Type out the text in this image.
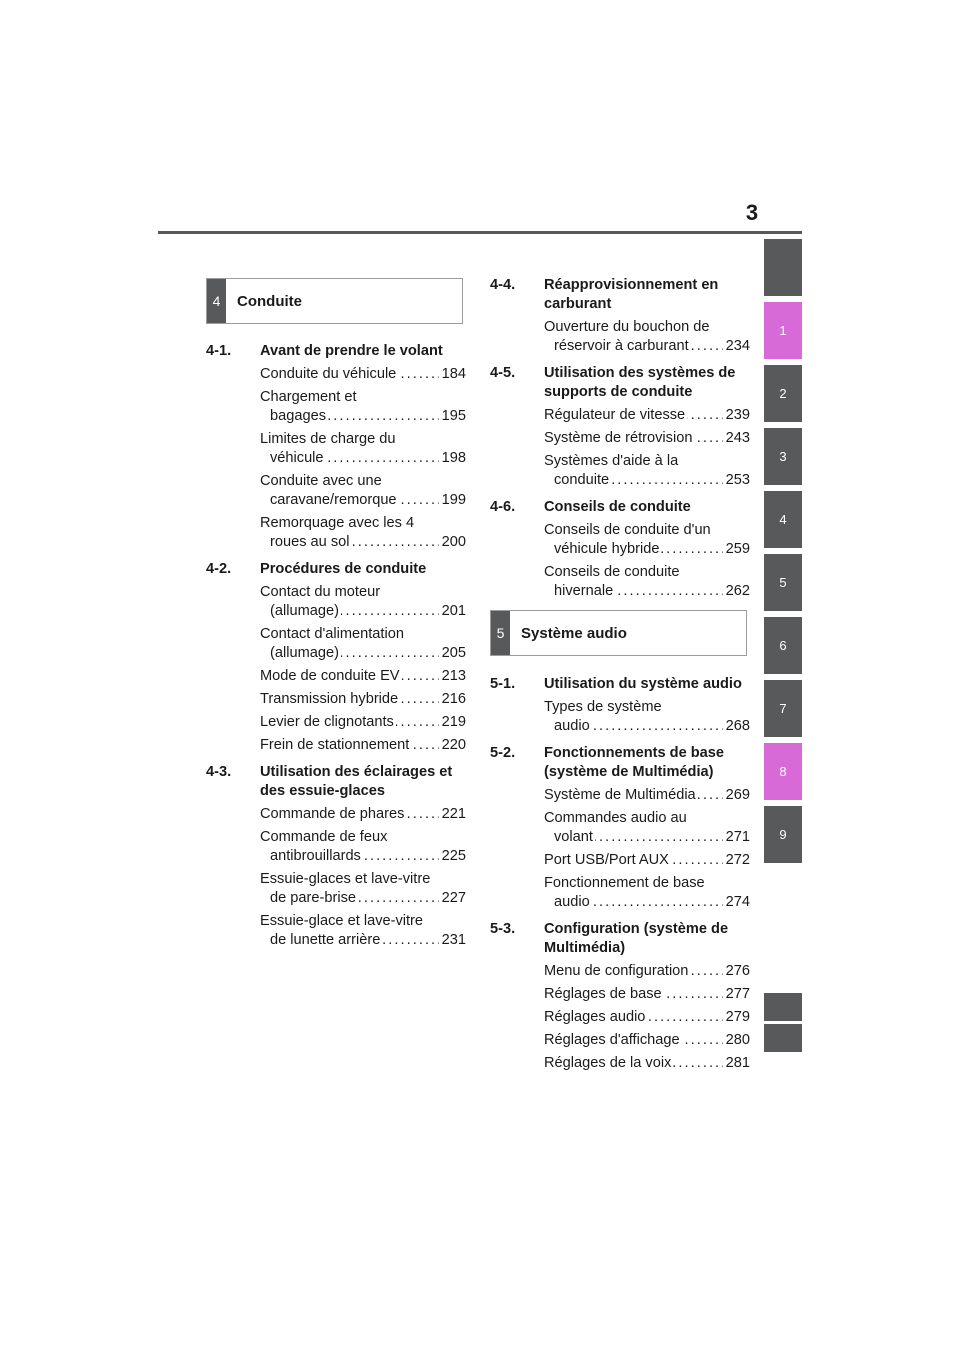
3
1
2
3
4
5
6
7
8
9
4	Conduite
5	Système audio
4-1. Avant de prendre le volant
. . . 184
Conduite du véhicule
Chargement et
. . . 195
bagages
Limites de charge du
. . . 198
véhicule
Conduite avec une
. . . 199
caravane/remorque
Remorquage avec les 4
. . . 200
roues au sol
4-2. Procédures de conduite
Contact du moteur
. . . 201
(allumage)
Contact d'alimentation
. . . 205
(allumage)
. . . 213
Mode de conduite EV
. . . 216
Transmission hybride
. . . 219
Levier de clignotants
. . . 220
Frein de stationnement
4-3. Utilisation des éclairages et des essuie-glaces
. . . 221
Commande de phares
Commande de feux
. . . 225
antibrouillards
Essuie-glaces et lave-vitre
. . . 227
de pare-brise
Essuie-glace et lave-vitre
. . . 231
de lunette arrière
4-4. Réapprovisionnement en carburant
Ouverture du bouchon de
. . . 234
réservoir à carburant
4-5. Utilisation des systèmes de supports de conduite
. . . 239
Régulateur de vitesse
. . . 243
Système de rétrovision
Systèmes d'aide à la
. . . 253
conduite
4-6. Conseils de conduite
Conseils de conduite d'un
. . . 259
véhicule hybride
Conseils de conduite
. . . 262
hivernale
5-1. Utilisation du système audio
Types de système
. . . 268
audio
5-2. Fonctionnements de base (système de Multimédia)
. . . 269
Système de Multimédia
Commandes audio au
. . . 271
volant
. . . 272
Port USB/Port AUX
Fonctionnement de base
. . . 274
audio
5-3. Configuration (système de Multimédia)
. . . 276
Menu de configuration
. . . 277
Réglages de base
. . . 279
Réglages audio
. . . 280
Réglages d'affichage
. . . 281
Réglages de la voix
